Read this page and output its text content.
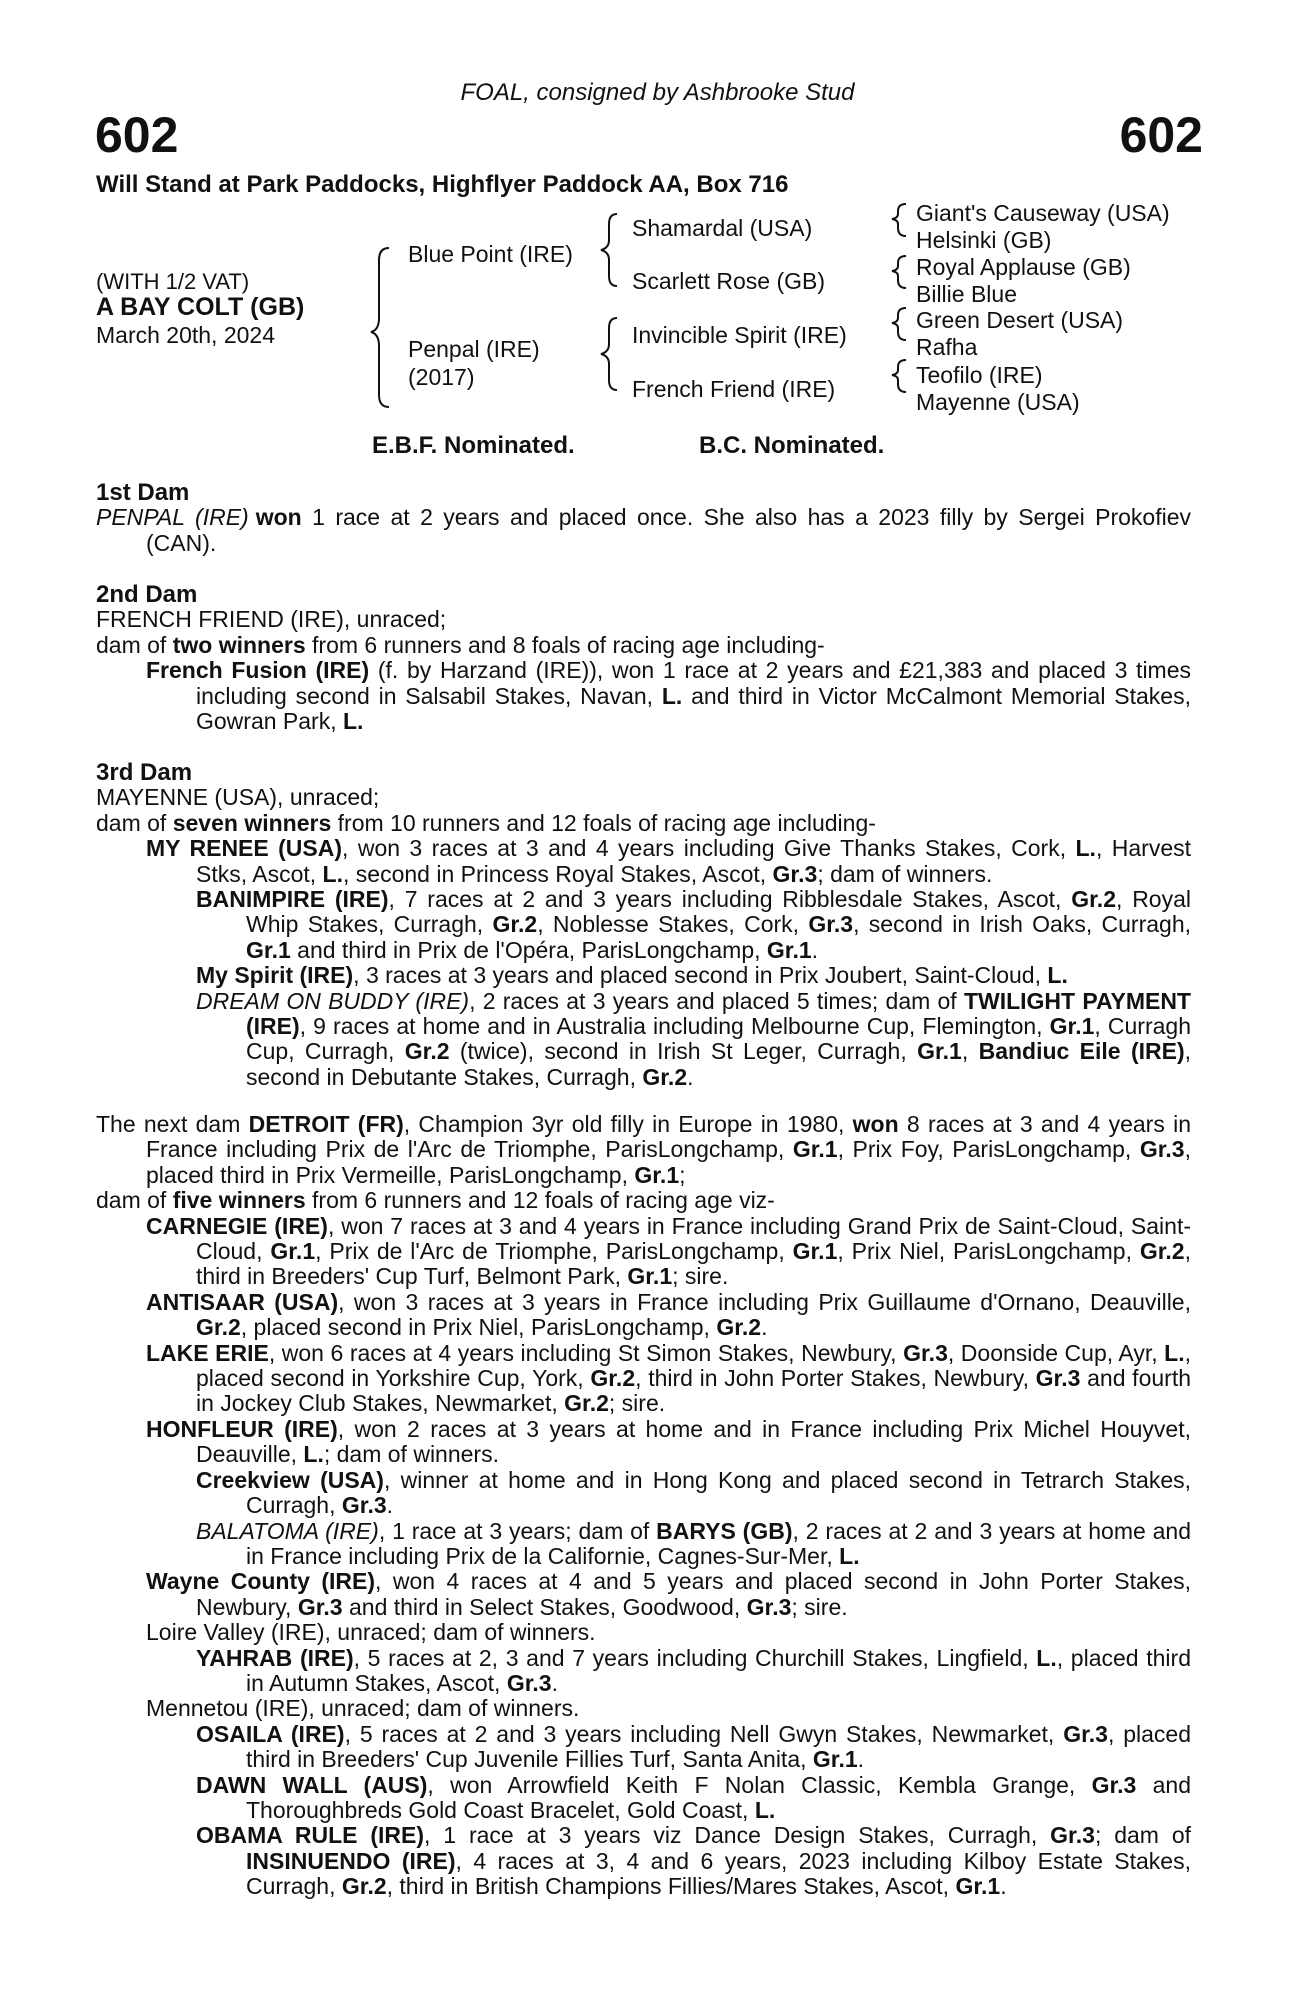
FOAL, consigned by Ashbrooke Stud
602	602
Will Stand at Park Paddocks, Highflyer Paddock AA, Box 716
(WITH 1/2 VAT)
A BAY COLT (GB)
March 20th, 2024
Blue Point (IRE)
Penpal (IRE)
(2017)
Shamardal (USA)
Scarlett Rose (GB)
Invincible Spirit (IRE)
French Friend (IRE)
Giant's Causeway (USA)
Helsinki (GB)
Royal Applause (GB)
Billie Blue
Green Desert (USA)
Rafha
Teofilo (IRE)
Mayenne (USA)
E.B.F. Nominated.	B.C. Nominated.
1st Dam
PENPAL (IRE) won 1 race at 2 years and placed once. She also has a 2023 filly by Sergei Prokofiev (CAN).
2nd Dam
FRENCH FRIEND (IRE), unraced;
dam of two winners from 6 runners and 8 foals of racing age including-
French Fusion (IRE) (f. by Harzand (IRE)), won 1 race at 2 years and £21,383 and placed 3 times including second in Salsabil Stakes, Navan, L. and third in Victor McCalmont Memorial Stakes, Gowran Park, L.
3rd Dam
MAYENNE (USA), unraced;
dam of seven winners from 10 runners and 12 foals of racing age including-
MY RENEE (USA), won 3 races at 3 and 4 years including Give Thanks Stakes, Cork, L., Harvest Stks, Ascot, L., second in Princess Royal Stakes, Ascot, Gr.3; dam of winners.
BANIMPIRE (IRE), 7 races at 2 and 3 years including Ribblesdale Stakes, Ascot, Gr.2, Royal Whip Stakes, Curragh, Gr.2, Noblesse Stakes, Cork, Gr.3, second in Irish Oaks, Curragh, Gr.1 and third in Prix de l'Opéra, ParisLongchamp, Gr.1.
My Spirit (IRE), 3 races at 3 years and placed second in Prix Joubert, Saint-Cloud, L.
DREAM ON BUDDY (IRE), 2 races at 3 years and placed 5 times; dam of TWILIGHT PAYMENT (IRE), 9 races at home and in Australia including Melbourne Cup, Flemington, Gr.1, Curragh Cup, Curragh, Gr.2 (twice), second in Irish St Leger, Curragh, Gr.1, Bandiuc Eile (IRE), second in Debutante Stakes, Curragh, Gr.2.
The next dam DETROIT (FR), Champion 3yr old filly in Europe in 1980, won 8 races at 3 and 4 years in France including Prix de l'Arc de Triomphe, ParisLongchamp, Gr.1, Prix Foy, ParisLongchamp, Gr.3, placed third in Prix Vermeille, ParisLongchamp, Gr.1;
dam of five winners from 6 runners and 12 foals of racing age viz-
CARNEGIE (IRE), won 7 races at 3 and 4 years in France including Grand Prix de Saint-Cloud, Saint-Cloud, Gr.1, Prix de l'Arc de Triomphe, ParisLongchamp, Gr.1, Prix Niel, ParisLongchamp, Gr.2, third in Breeders' Cup Turf, Belmont Park, Gr.1; sire.
ANTISAAR (USA), won 3 races at 3 years in France including Prix Guillaume d'Ornano, Deauville, Gr.2, placed second in Prix Niel, ParisLongchamp, Gr.2.
LAKE ERIE, won 6 races at 4 years including St Simon Stakes, Newbury, Gr.3, Doonside Cup, Ayr, L., placed second in Yorkshire Cup, York, Gr.2, third in John Porter Stakes, Newbury, Gr.3 and fourth in Jockey Club Stakes, Newmarket, Gr.2; sire.
HONFLEUR (IRE), won 2 races at 3 years at home and in France including Prix Michel Houyvet, Deauville, L.; dam of winners.
Creekview (USA), winner at home and in Hong Kong and placed second in Tetrarch Stakes, Curragh, Gr.3.
BALATOMA (IRE), 1 race at 3 years; dam of BARYS (GB), 2 races at 2 and 3 years at home and in France including Prix de la Californie, Cagnes-Sur-Mer, L.
Wayne County (IRE), won 4 races at 4 and 5 years and placed second in John Porter Stakes, Newbury, Gr.3 and third in Select Stakes, Goodwood, Gr.3; sire.
Loire Valley (IRE), unraced; dam of winners.
YAHRAB (IRE), 5 races at 2, 3 and 7 years including Churchill Stakes, Lingfield, L., placed third in Autumn Stakes, Ascot, Gr.3.
Mennetou (IRE), unraced; dam of winners.
OSAILA (IRE), 5 races at 2 and 3 years including Nell Gwyn Stakes, Newmarket, Gr.3, placed third in Breeders' Cup Juvenile Fillies Turf, Santa Anita, Gr.1.
DAWN WALL (AUS), won Arrowfield Keith F Nolan Classic, Kembla Grange, Gr.3 and Thoroughbreds Gold Coast Bracelet, Gold Coast, L.
OBAMA RULE (IRE), 1 race at 3 years viz Dance Design Stakes, Curragh, Gr.3; dam of INSINUENDO (IRE), 4 races at 3, 4 and 6 years, 2023 including Kilboy Estate Stakes, Curragh, Gr.2, third in British Champions Fillies/Mares Stakes, Ascot, Gr.1.
